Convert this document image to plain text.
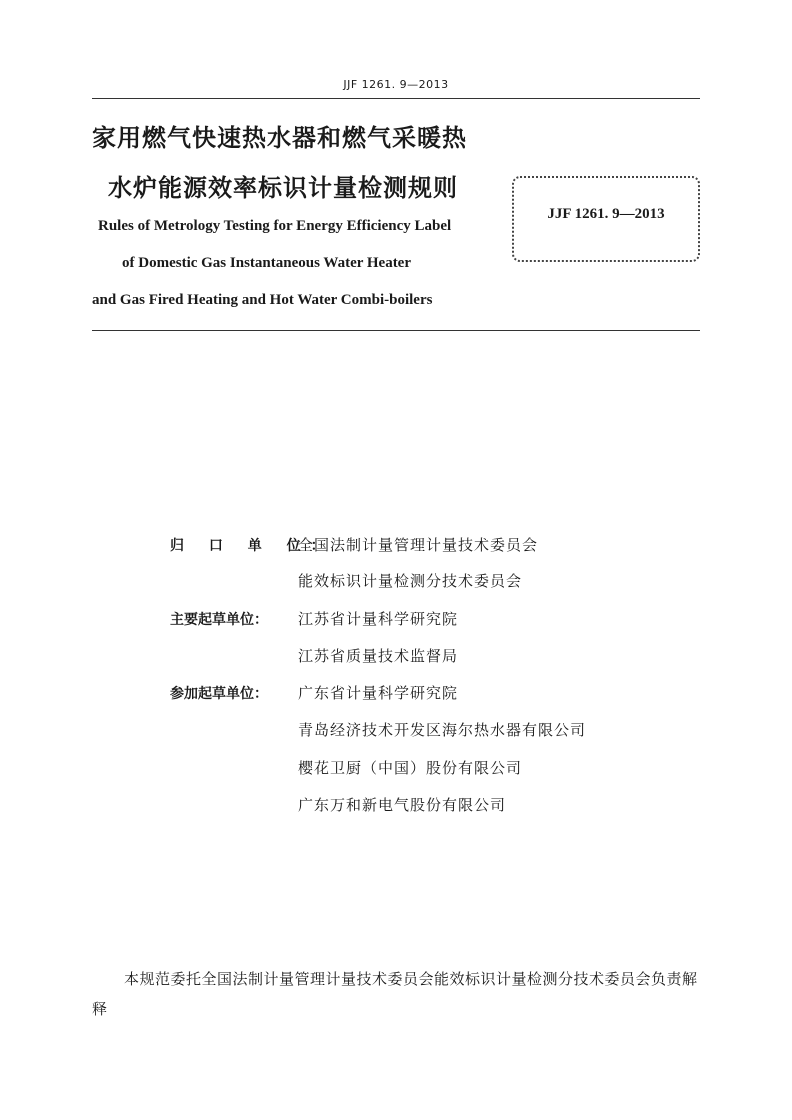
JJF 1261. 9—2013
家用燃气快速热水器和燃气采暖热
水炉能源效率标识计量检测规则
Rules of Metrology Testing for Energy Efficiency Label
of Domestic Gas Instantaneous Water Heater
and Gas Fired Heating and Hot Water Combi-boilers
JJF 1261. 9—2013
归 口 单 位：
全国法制计量管理计量技术委员会
能效标识计量检测分技术委员会
主要起草单位： 江苏省计量科学研究院
江苏省质量技术监督局
参加起草单位： 广东省计量科学研究院
青岛经济技术开发区海尔热水器有限公司
樱花卫厨（中国）股份有限公司
广东万和新电气股份有限公司
本规范委托全国法制计量管理计量技术委员会能效标识计量检测分技术委员会负责解释
